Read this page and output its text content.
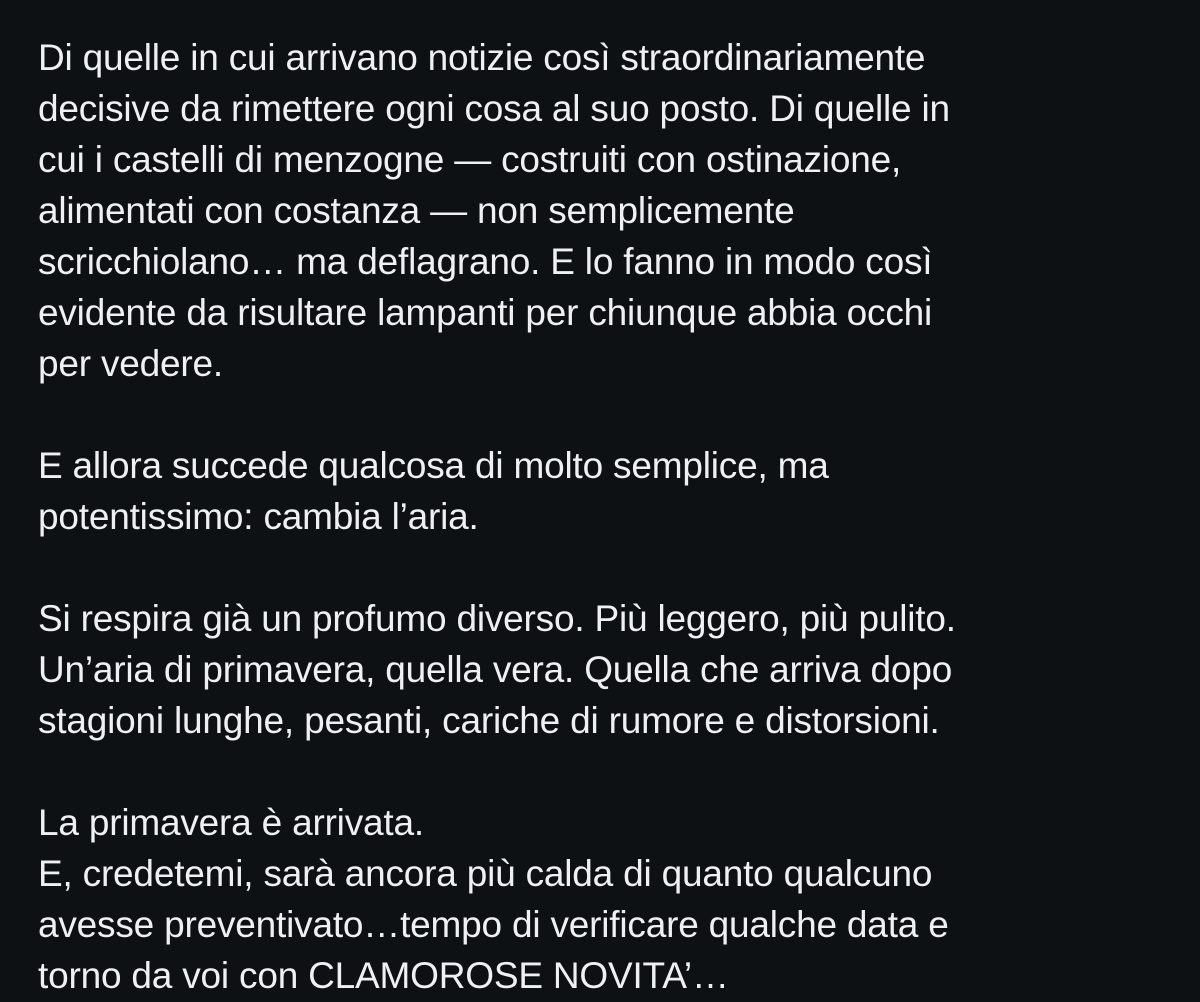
Di quelle in cui arrivano notizie così straordinariamente
decisive da rimettere ogni cosa al suo posto. Di quelle in
cui i castelli di menzogne — costruiti con ostinazione,
alimentati con costanza — non semplicemente
scricchiolano… ma deflagrano. E lo fanno in modo così
evidente da risultare lampanti per chiunque abbia occhi
per vedere.
E allora succede qualcosa di molto semplice, ma
potentissimo: cambia l’aria.
Si respira già un profumo diverso. Più leggero, più pulito.
Un’aria di primavera, quella vera. Quella che arriva dopo
stagioni lunghe, pesanti, cariche di rumore e distorsioni.
La primavera è arrivata.
E, credetemi, sarà ancora più calda di quanto qualcuno
avesse preventivato…tempo di verificare qualche data e
torno da voi con CLAMOROSE NOVITA’…
